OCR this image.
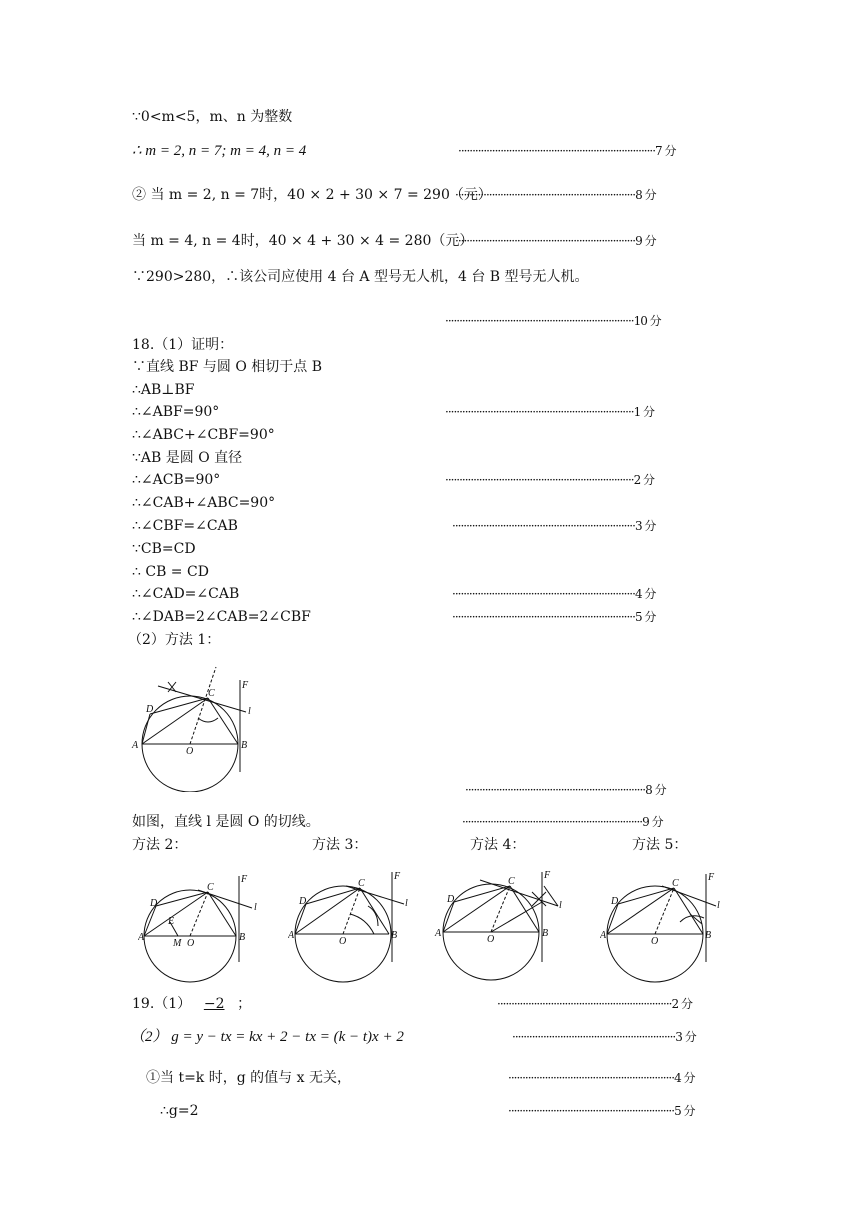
∵0<m<5，m、n 为整数
∴ m = 2, n = 7; m = 4, n = 4	······································································7 分
② 当 m = 2, n = 7时，40 × 2 + 30 × 7 = 290（元）
································································8 分
当 m = 4, n = 4时，40 × 4 + 30 × 4 = 280（元）
································································9 分
∵290>280，∴该公司应使用 4 台 A 型号无人机，4 台 B 型号无人机。
···································································10 分
18.（1）证明：
∵直线 BF 与圆 O 相切于点 B
∴AB⊥BF
∴∠ABF=90°	···································································1 分
∴∠ABC+∠CBF=90°
∵AB 是圆 O 直径
∴∠ACB=90°	···································································2 分
∴∠CAB+∠ABC=90°
∴∠CBF=∠CAB	·································································3 分
∵CB=CD
∴ CB = CD
∴∠CAD=∠CAB	·································································4 分
∴∠DAB=2∠CAB=2∠CBF	·································································5 分
（2）方法 1：
A	B
C
D
O
F
l
································································8 分
如图，直线 l 是圆 O 的切线。	································································9 分
方法 2：	方法 3：	方法 4：	方法 5：
A	B
C
D
O
M
E
F
l
A	B
C
D
O
F
l
A	B
C
D
O
F
l
A	B
C
D
O
F
l
19.（1） −2 ；	······························································2 分
（2） g = y − tx = kx + 2 − tx = (k − t)x + 2	··························································3 分
①当 t=k 时，g 的值与 x 无关，	···························································4 分
∴g=2	···························································5 分
